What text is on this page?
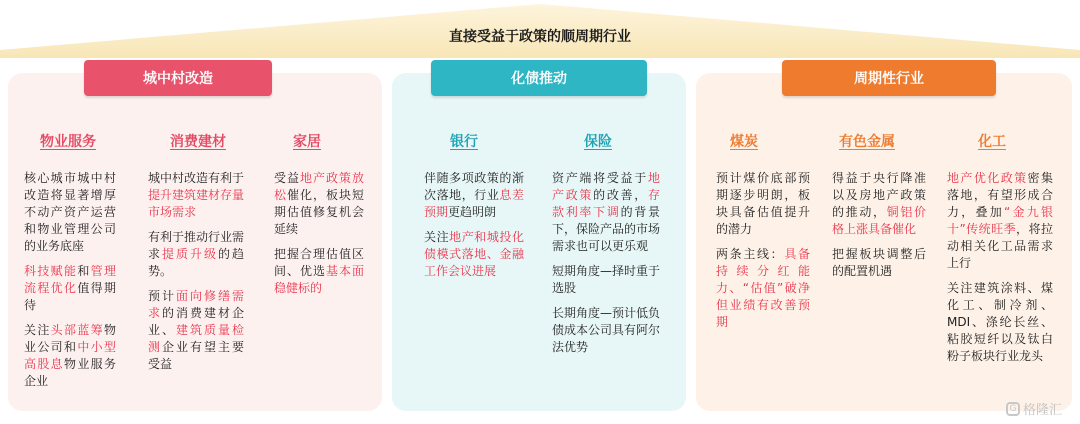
直接受益于政策的顺周期行业
城中村改造	化债推动	周期性行业
物业服务	消费建材	家居	银行	保险	煤炭	有色金属	化工

核心城市城中村改造将显著增厚不动产资产运营和物业管理公司的业务底座

科技赋能和管理流程优化值得期待

关注头部蓝筹物业公司和中小型高股息物业服务企业

城中村改造有利于提升建筑建材存量市场需求

有利于推动行业需求提质升级的趋势。

预计面向修缮需求的消费建材企业、建筑质量检测企业有望主要受益

受益地产政策放松催化，板块短期估值修复机会延续

把握合理估值区间、优选基本面稳健标的

伴随多项政策的渐次落地，行业息差预期更趋明朗

关注地产和城投化债模式落地、金融工作会议进展

资产端将受益于地产政策的改善，存款利率下调的背景下，保险产品的市场需求也可以更乐观

短期角度—择时重于选股

长期角度—预计低负债成本公司具有阿尔法优势

预计煤价底部预期逐步明朗，板块具备估值提升的潜力

两条主线：具备持续分红能力、“估值”破净但业绩有改善预期

得益于央行降准以及房地产政策的推动，铜铝价格上涨具备催化

把握板块调整后的配置机遇

地产优化政策密集落地，有望形成合力，叠加“金九银十”传统旺季，将拉动相关化工品需求上行

关注建筑涂料、煤化工、制冷剂、MDI、涤纶长丝、粘胶短纤以及钛白粉子板块行业龙头

G 格隆汇
